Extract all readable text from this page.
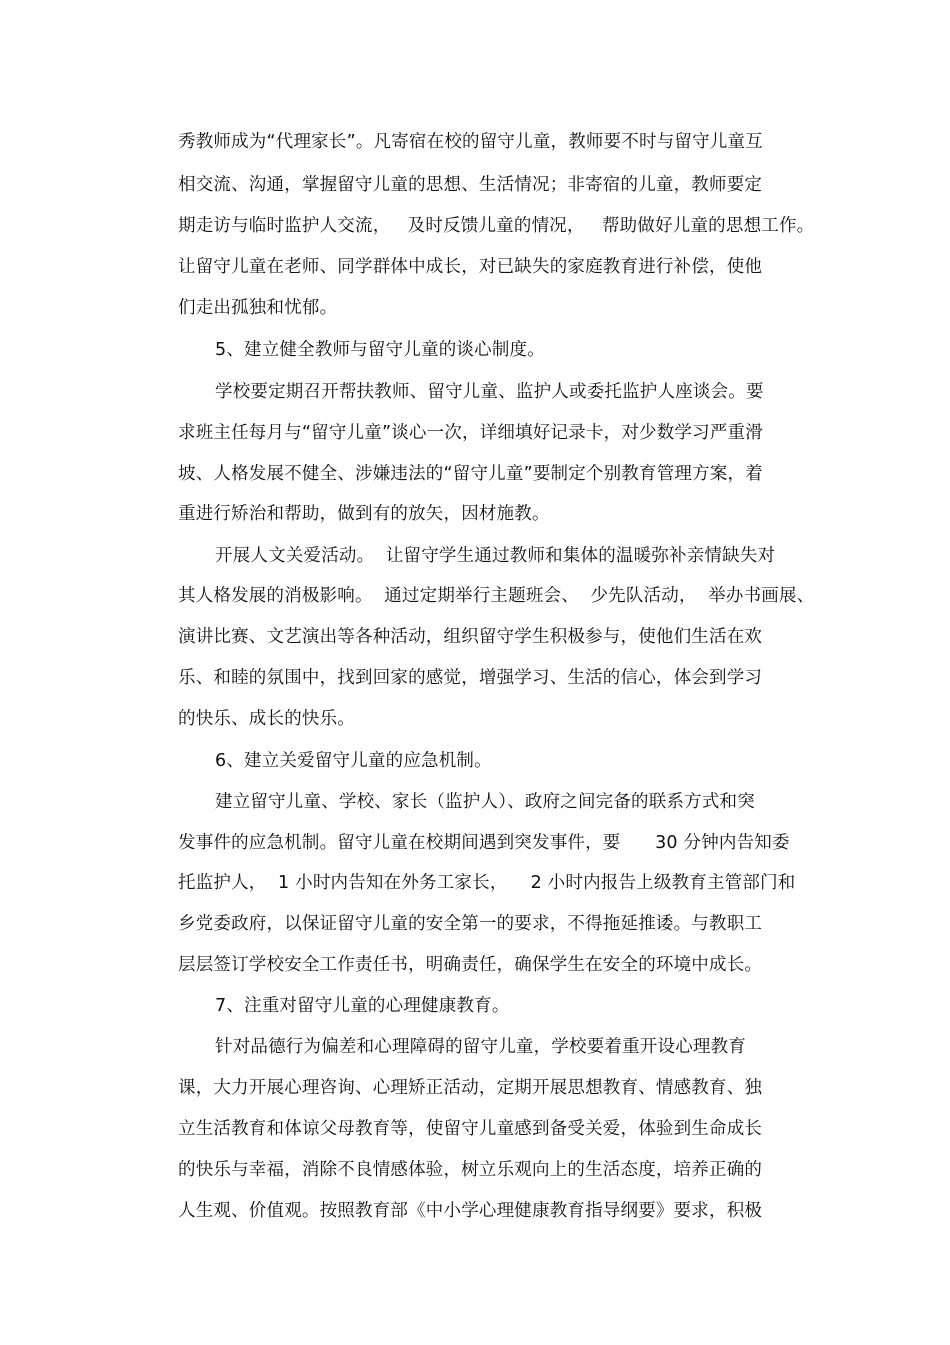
秀教师成为“代理家长”。凡寄宿在校的留守儿童，教师要不时与留守儿童互
相交流、沟通，掌握留守儿童的思想、生活情况；非寄宿的儿童，教师要定
期走访与临时监护人交流，   及时反馈儿童的情况，   帮助做好儿童的思想工作。
让留守儿童在老师、同学群体中成长，对已缺失的家庭教育进行补偿，使他
们走出孤独和忧郁。
5、建立健全教师与留守儿童的谈心制度。
学校要定期召开帮扶教师、留守儿童、监护人或委托监护人座谈会。要
求班主任每月与“留守儿童”谈心一次，详细填好记录卡，对少数学习严重滑
坡、人格发展不健全、涉嫌违法的“留守儿童”要制定个别教育管理方案，着
重进行矫治和帮助，做到有的放矢，因材施教。
开展人文关爱活动。  让留守学生通过教师和集体的温暖弥补亲情缺失对
其人格发展的消极影响。  通过定期举行主题班会、  少先队活动，  举办书画展、
演讲比赛、文艺演出等各种活动，组织留守学生积极参与，使他们生活在欢
乐、和睦的氛围中，找到回家的感觉，增强学习、生活的信心，体会到学习
的快乐、成长的快乐。
6、建立关爱留守儿童的应急机制。
建立留守儿童、学校、家长（监护人）、政府之间完备的联系方式和突
发事件的应急机制。留守儿童在校期间遇到突发事件，要      30 分钟内告知委
托监护人，  1 小时内告知在外务工家长，    2 小时内报告上级教育主管部门和
乡党委政府，以保证留守儿童的安全第一的要求，不得拖延推诿。与教职工
层层签订学校安全工作责任书，明确责任，确保学生在安全的环境中成长。
7、注重对留守儿童的心理健康教育。
针对品德行为偏差和心理障碍的留守儿童，学校要着重开设心理教育
课，大力开展心理咨询、心理矫正活动，定期开展思想教育、情感教育、独
立生活教育和体谅父母教育等，使留守儿童感到备受关爱，体验到生命成长
的快乐与幸福，消除不良情感体验，树立乐观向上的生活态度，培养正确的
人生观、价值观。按照教育部《中小学心理健康教育指导纲要》要求，积极
